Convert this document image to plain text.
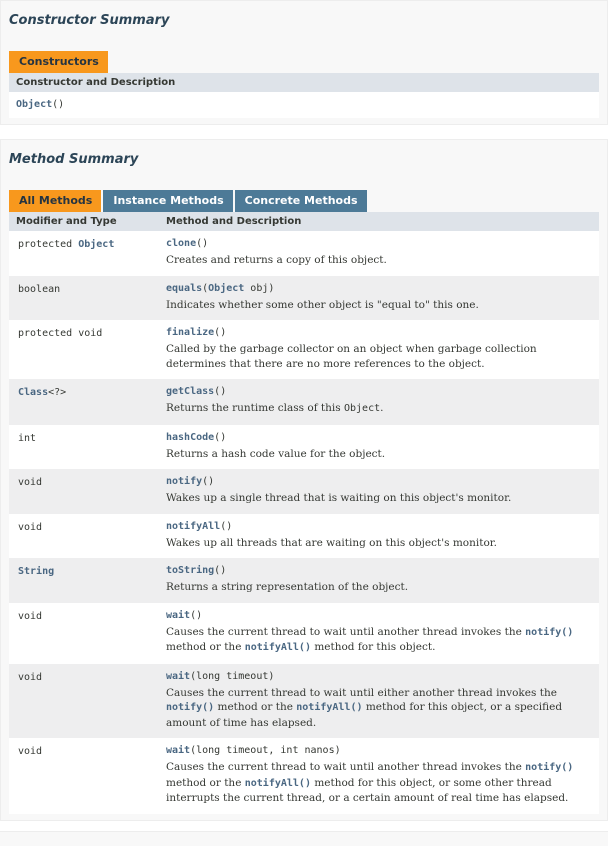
Constructor Summary
Constructors
Constructor and Description
Object()
Method Summary
All Methods	Instance Methods	Concrete Methods
Modifier and Type	Method and Description
protected Object	clone()
Creates and returns a copy of this object.

boolean	equals(Object obj)
Indicates whether some other object is "equal to" this one.

protected void	finalize()
Called by the garbage collector on an object when garbage collection determines that there are no more references to the object.

Class<?>	getClass()
Returns the runtime class of this Object.

int	hashCode()
Returns a hash code value for the object.

void	notify()
Wakes up a single thread that is waiting on this object's monitor.

void	notifyAll()
Wakes up all threads that are waiting on this object's monitor.

String	toString()
Returns a string representation of the object.

void	wait()
Causes the current thread to wait until another thread invokes the notify() method or the notifyAll() method for this object.

void	wait(long timeout)
Causes the current thread to wait until either another thread invokes the notify() method or the notifyAll() method for this object, or a specified amount of time has elapsed.

void	wait(long timeout, int nanos)
Causes the current thread to wait until another thread invokes the notify() method or the notifyAll() method for this object, or some other thread interrupts the current thread, or a certain amount of real time has elapsed.
